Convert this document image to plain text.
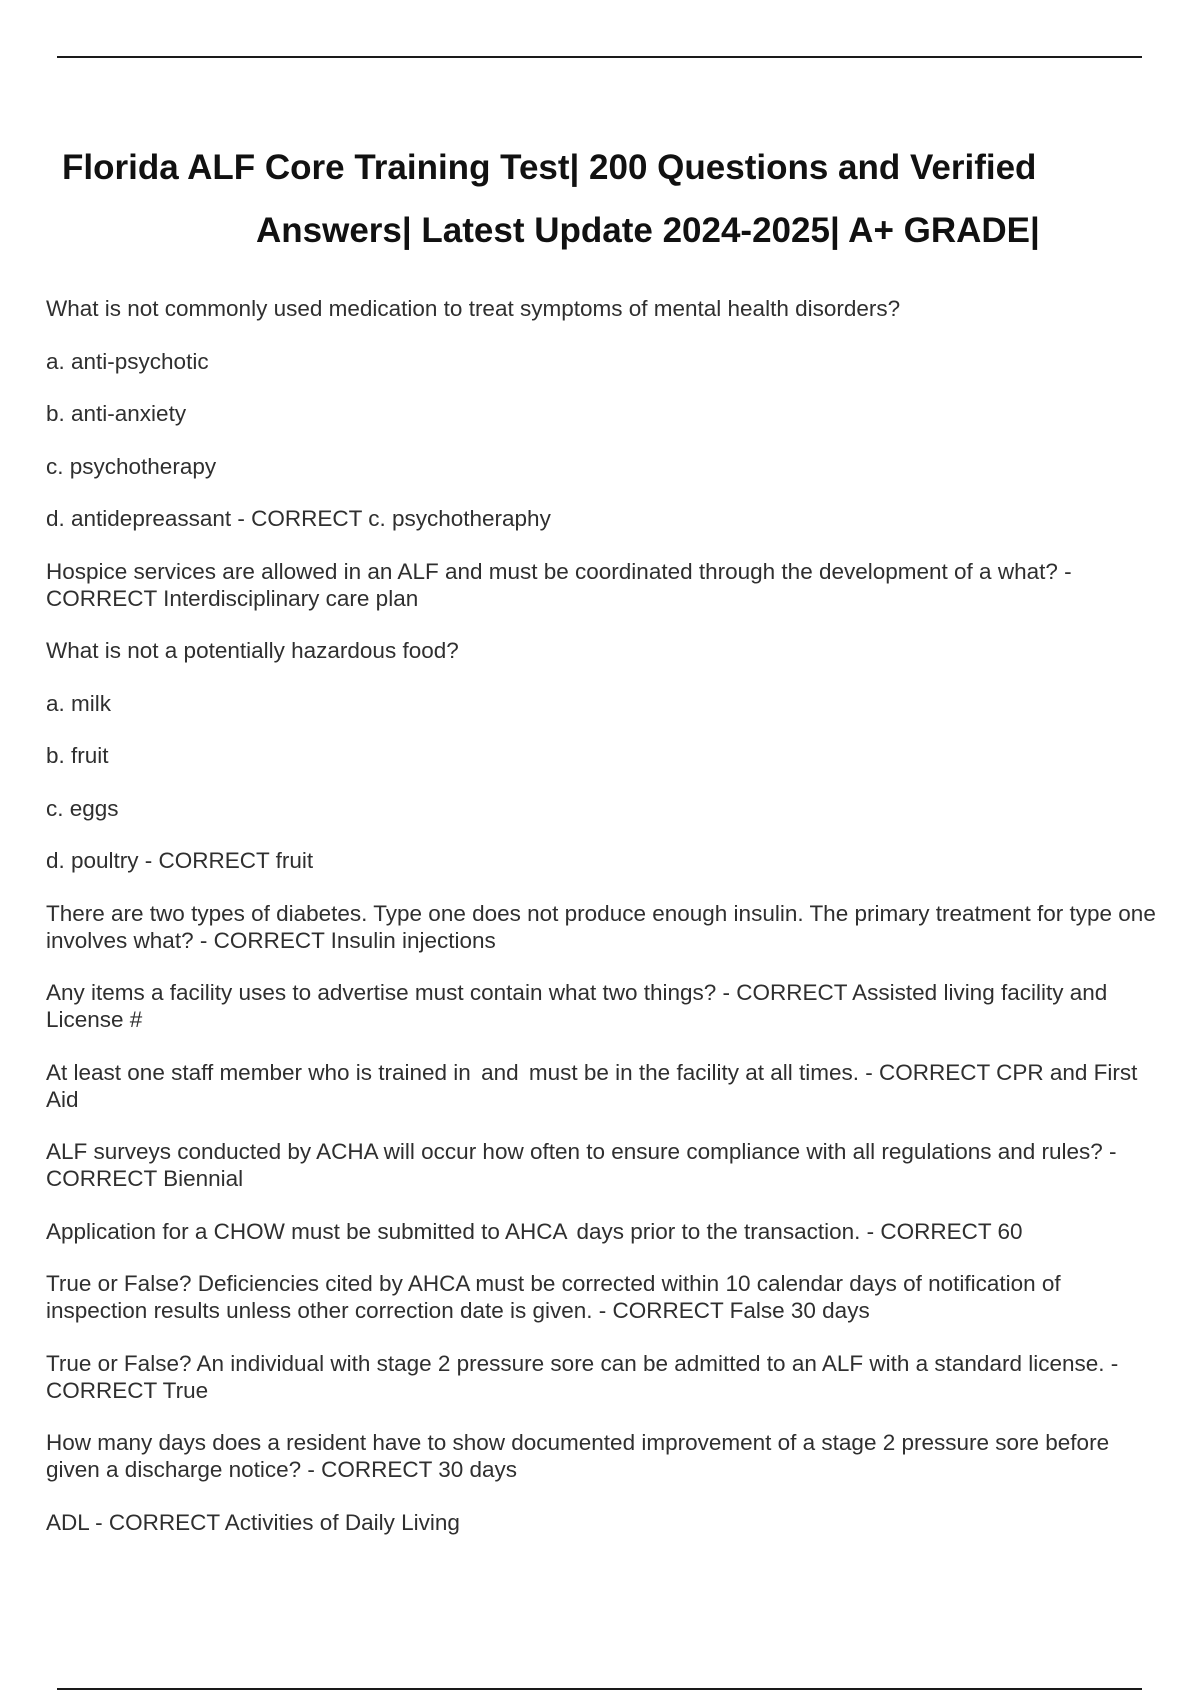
Florida ALF Core Training Test| 200 Questions and Verified
Answers| Latest Update 2024-2025| A+ GRADE|

What is not commonly used medication to treat symptoms of mental health disorders?

a. anti-psychotic

b. anti-anxiety

c. psychotherapy

d. antidepreassant - CORRECT c. psychotheraphy

Hospice services are allowed in an ALF and must be coordinated through the development of a what? - CORRECT Interdisciplinary care plan

What is not a potentially hazardous food?

a. milk

b. fruit

c. eggs

d. poultry - CORRECT fruit

There are two types of diabetes. Type one does not produce enough insulin. The primary treatment for type one involves what? - CORRECT Insulin injections

Any items a facility uses to advertise must contain what two things? - CORRECT Assisted living facility and License #

At least one staff member who is trained in and must be in the facility at all times. - CORRECT CPR and First Aid

ALF surveys conducted by ACHA will occur how often to ensure compliance with all regulations and rules? - CORRECT Biennial

Application for a CHOW must be submitted to AHCA days prior to the transaction. - CORRECT 60

True or False? Deficiencies cited by AHCA must be corrected within 10 calendar days of notification of inspection results unless other correction date is given. - CORRECT False 30 days

True or False? An individual with stage 2 pressure sore can be admitted to an ALF with a standard license. - CORRECT True

How many days does a resident have to show documented improvement of a stage 2 pressure sore before given a discharge notice? - CORRECT 30 days

ADL - CORRECT Activities of Daily Living
